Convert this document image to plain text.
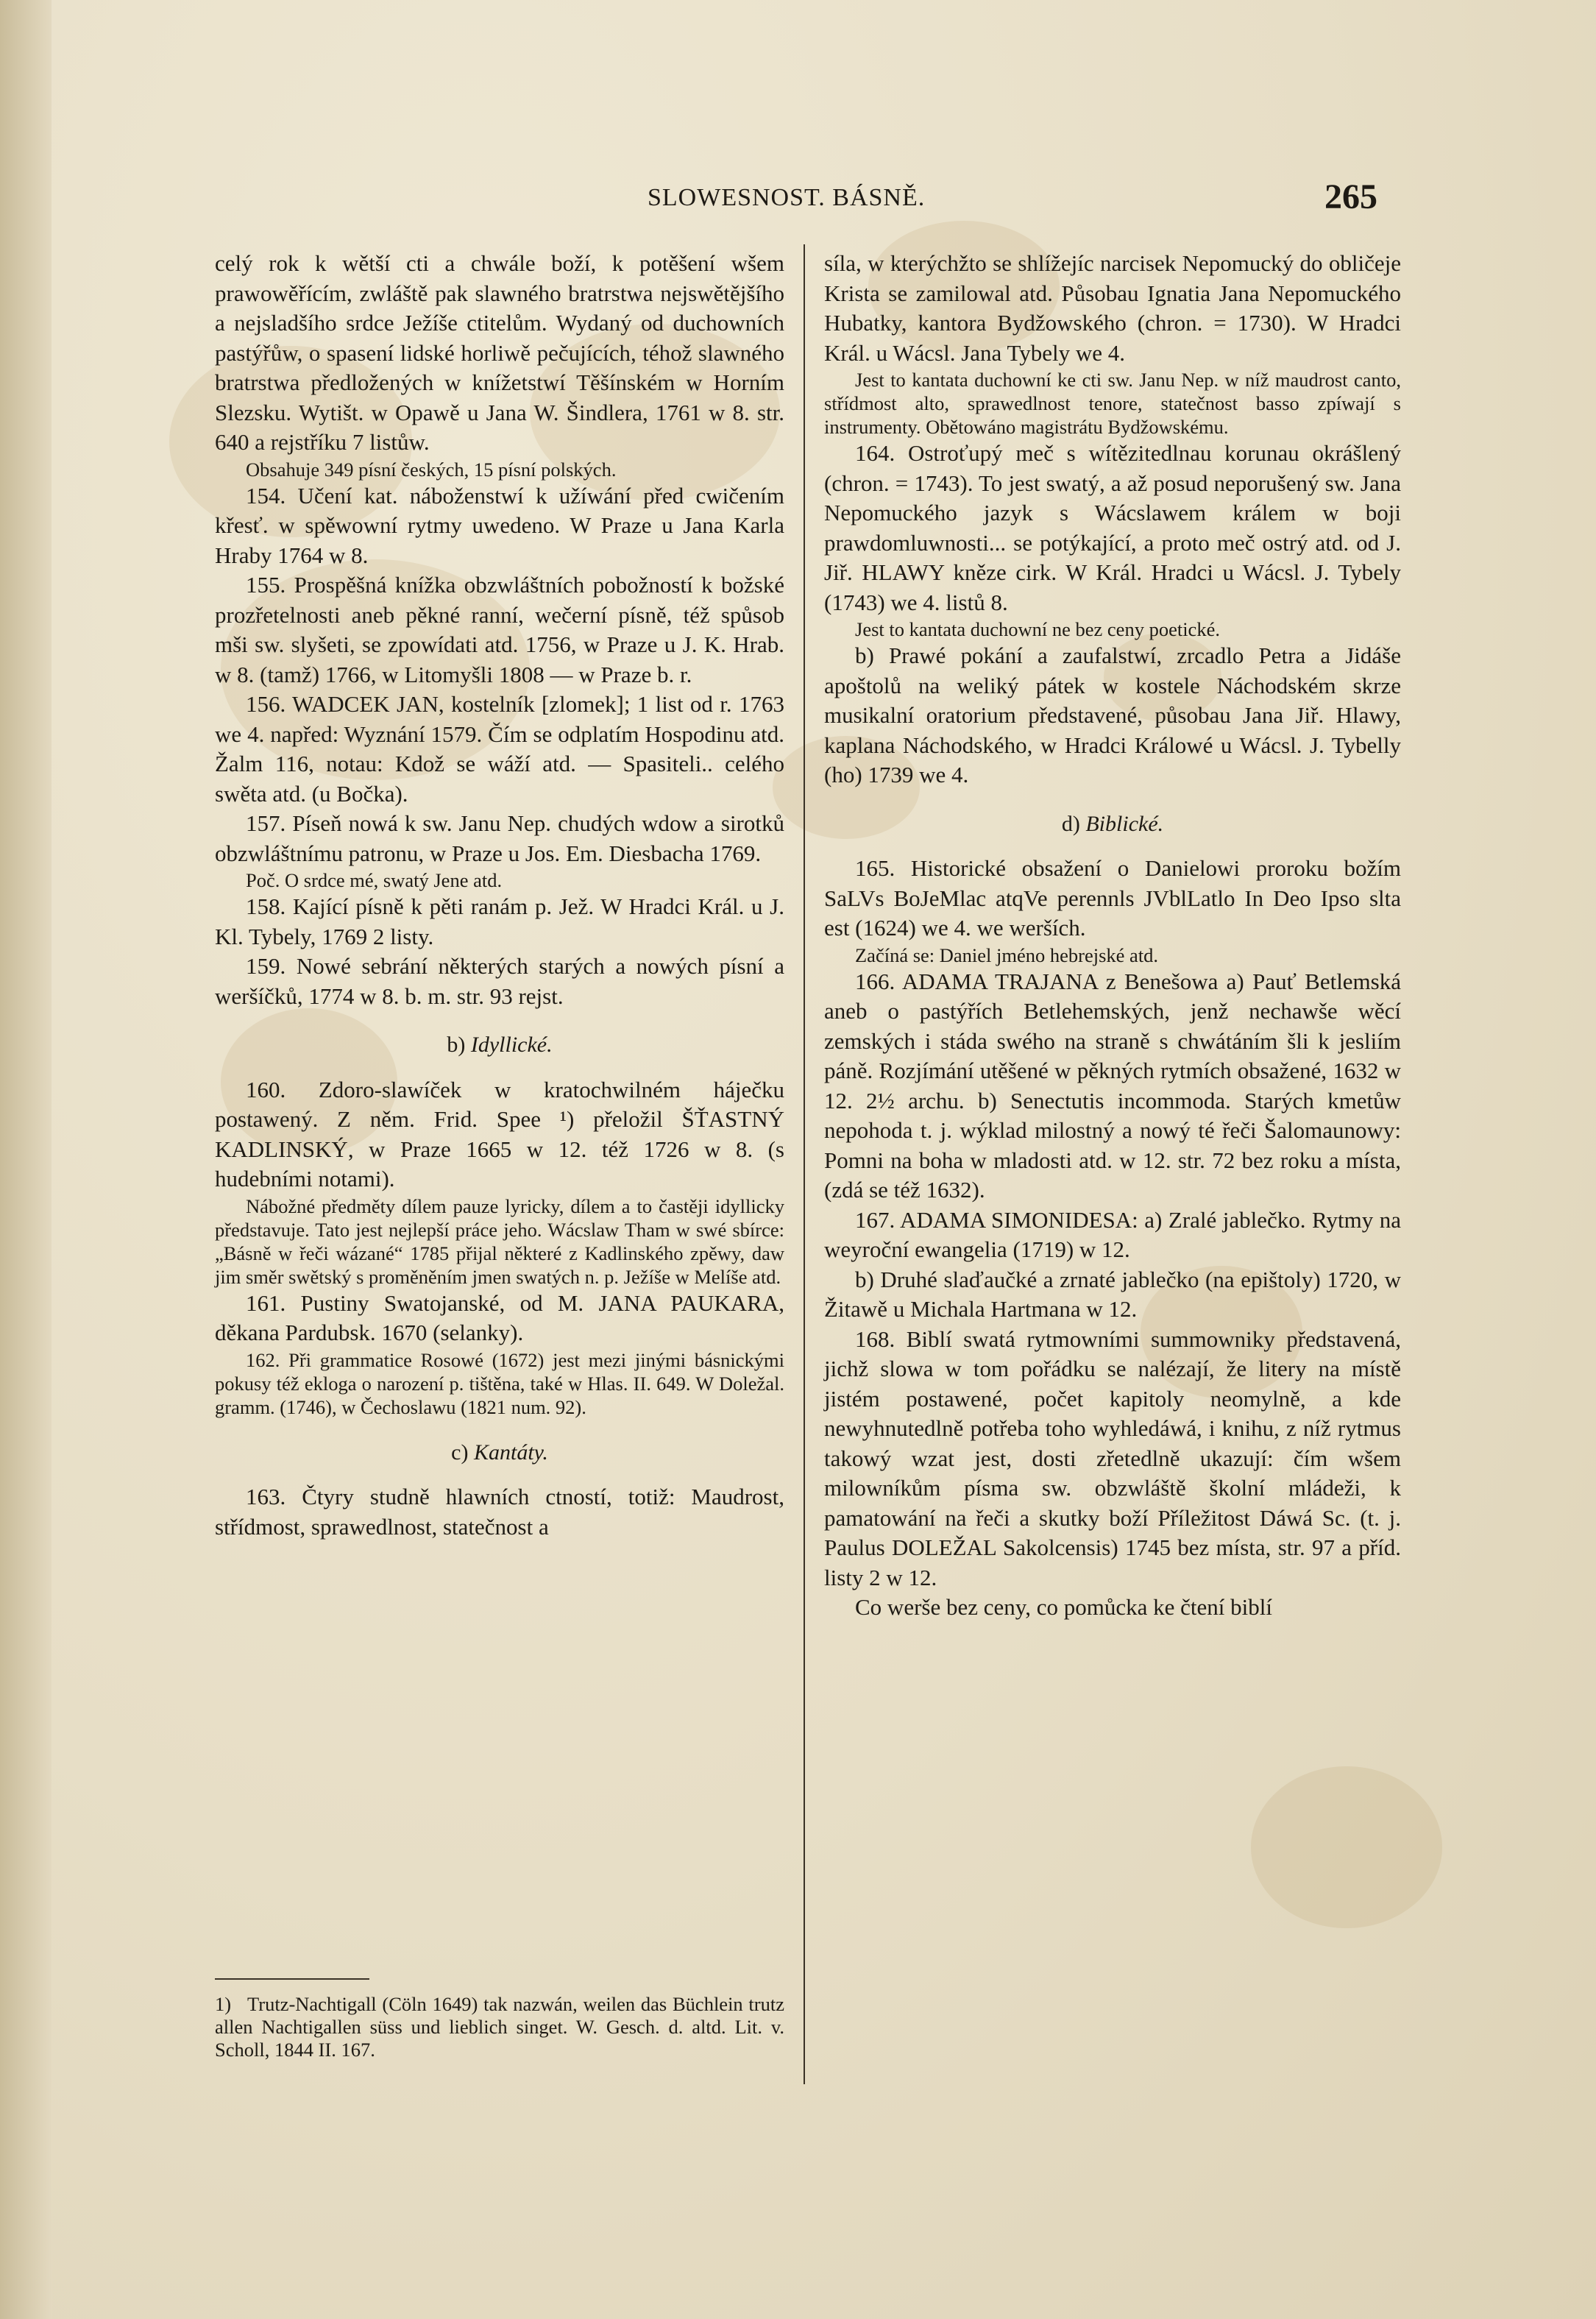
SLOWESNOST. BÁSNĚ.	265

celý rok k wětší cti a chwále boží, k potěšení wšem prawowěřícím, zwláště pak slawného bratrstwa nejswětějšího a nejsladšího srdce Ježíše ctitelům. Wydaný od duchowních pastýřůw, o spasení lidské horliwě pečujících, téhož slawného bratrstwa předložených w knížetstwí Těšínském w Horním Slezsku. Wytišt. w Opawě u Jana W. Šindlera, 1761 w 8. str. 640 a rejstříku 7 listůw.

Obsahuje 349 písní českých, 15 písní polských.

154. Učení kat. náboženstwí k užíwání před cwičením křesť. w spěwowní rytmy uwedeno. W Praze u Jana Karla Hraby 1764 w 8.

155. Prospěšná knížka obzwláštních pobožností k božské prozřetelnosti aneb pěkné ranní, wečerní písně, též spůsob mši sw. slyšeti, se zpowídati atd. 1756, w Praze u J. K. Hrab. w 8. (tamž) 1766, w Litomyšli 1808 — w Praze b. r.

156. WADCEK JAN, kostelník [zlomek]; 1 list od r. 1763 we 4. napřed: Wyznání 1579. Čím se odplatím Hospodinu atd. Žalm 116, notau: Kdož se wáží atd. — Spasiteli.. celého swěta atd. (u Bočka).

157. Píseň nowá k sw. Janu Nep. chudých wdow a sirotků obzwláštnímu patronu, w Praze u Jos. Em. Diesbacha 1769.

Poč. O srdce mé, swatý Jene atd.

158. Kající písně k pěti ranám p. Jež. W Hradci Král. u J. Kl. Tybely, 1769 2 listy.

159. Nowé sebrání některých starých a nowých písní a weršíčků, 1774 w 8. b. m. str. 93 rejst.

b) Idyllické.

160. Zdoro-slawíček w kratochwilném háječku postawený. Z něm. Frid. Spee ¹) přeložil ŠŤASTNÝ KADLINSKÝ, w Praze 1665 w 12. též 1726 w 8. (s hudebními notami).

Nábožné předměty dílem pauze lyricky, dílem a to častěji idyllicky představuje. Tato jest nejlepší práce jeho. Wácslaw Tham w swé sbírce: „Básně w řeči wázané“ 1785 přijal některé z Kadlinského zpěwy, daw jim směr swětský s proměněním jmen swatých n. p. Ježíše w Melíše atd.

161. Pustiny Swatojanské, od M. JANA PAUKARA, děkana Pardubsk. 1670 (selanky).

162. Při grammatice Rosowé (1672) jest mezi jinými básnickými pokusy též ekloga o narození p. tištěna, také w Hlas. II. 649. W Doležal. gramm. (1746), w Čechoslawu (1821 num. 92).

c) Kantáty.

163. Čtyry studně hlawních ctností, totiž: Maudrost, střídmost, sprawedlnost, statečnost a

síla, w kterýchžto se shlížejíc narcisek Nepomucký do obličeje Krista se zamilowal atd. Působau Ignatia Jana Nepomuckého Hubatky, kantora Bydžowského (chron. = 1730). W Hradci Král. u Wácsl. Jana Tybely we 4.

Jest to kantata duchowní ke cti sw. Janu Nep. w níž maudrost canto, střídmost alto, sprawedlnost tenore, statečnost basso zpíwají s instrumenty. Obětowáno magistrátu Bydžowskému.

164. Ostroťupý meč s wítězitedlnau korunau okrášlený (chron. = 1743). To jest swatý, a až posud neporušený sw. Jana Nepomuckého jazyk s Wácslawem králem w boji prawdomluwnosti... se potýkající, a proto meč ostrý atd. od J. Jiř. HLAWY kněze cirk. W Král. Hradci u Wácsl. J. Tybely (1743) we 4. listů 8.

Jest to kantata duchowní ne bez ceny poetické.

b) Prawé pokání a zaufalstwí, zrcadlo Petra a Jidáše apoštolů na weliký pátek w kostele Náchodském skrze musikalní oratorium představené, působau Jana Jiř. Hlawy, kaplana Náchodského, w Hradci Králowé u Wácsl. J. Tybelly (ho) 1739 we 4.

d) Biblické.

165. Historické obsažení o Danielowi proroku božím SaLVs BoJeMlac atqVe perennls JVblLatlo In Deo Ipso slta est (1624) we 4. we werších.

Začíná se: Daniel jméno hebrejské atd.

166. ADAMA TRAJANA z Benešowa a) Pauť Betlemská aneb o pastýřích Betlehemských, jenž nechawše wěcí zemských i stáda swého na straně s chwátáním šli k jesliím páně. Rozjímání utěšené w pěkných rytmích obsažené, 1632 w 12. 2½ archu. b) Senectutis incommoda. Starých kmetůw nepohoda t. j. wýklad milostný a nowý té řeči Šalomaunowy: Pomni na boha w mladosti atd. w 12. str. 72 bez roku a místa, (zdá se též 1632).

167. ADAMA SIMONIDESA: a) Zralé jablečko. Rytmy na weyroční ewangelia (1719) w 12.

b) Druhé slaďaučké a zrnaté jablečko (na epištoly) 1720, w Žitawě u Michala Hartmana w 12.

168. Biblí swatá rytmowními summowniky představená, jichž slowa w tom pořádku se nalézají, že litery na místě jistém postawené, počet kapitoly neomylně, a kde newyhnutedlně potřeba toho wyhledáwá, i knihu, z níž rytmus takowý wzat jest, dosti zřetedlně ukazují: čím wšem milowníkům písma sw. obzwláště školní mládeži, k pamatowání na řeči a skutky boží Příležitost Dáwá Sc. (t. j. Paulus DOLEŽAL Sakolcensis) 1745 bez místa, str. 97 a příd. listy 2 w 12.

Co werše bez ceny, co pomůcka ke čtení biblí

1) Trutz-Nachtigall (Cöln 1649) tak nazwán, weilen das Büchlein trutz allen Nachtigallen süss und lieblich singet. W. Gesch. d. altd. Lit. v. Scholl, 1844 II. 167.
